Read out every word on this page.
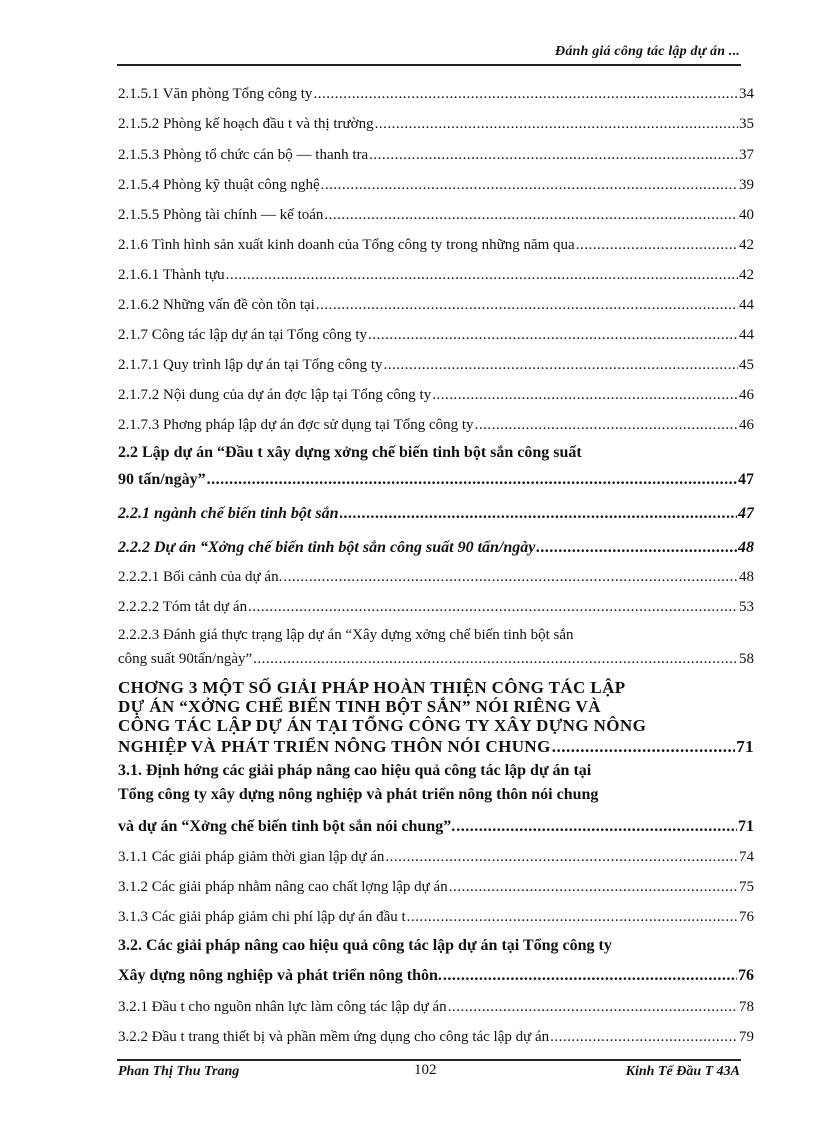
Đánh giá công tác lập dự án ...
2.1.5.1 Văn phòng Tổng công ty .....	34
2.1.5.2 Phòng kế hoạch đầu t và thị trường .....	35
2.1.5.3 Phòng tổ chức cán bộ — thanh tra .....	37
2.1.5.4 Phòng kỹ thuật công nghệ .....	39
2.1.5.5 Phòng tài chính — kế toán .....	40
2.1.6 Tình hình sản xuất kinh doanh của Tổng công ty trong những năm qua .....	42
2.1.6.1 Thành tựu .....	42
2.1.6.2 Những vấn đề còn tồn tại .....	44
2.1.7 Công tác lập dự án tại Tổng công ty .....	44
2.1.7.1 Quy trình lập dự án tại Tổng công ty .....	45
2.1.7.2 Nội dung của dự án đợc lập tại Tổng công ty .....	46
2.1.7.3 Phơng pháp lập dự án đợc sử dụng tại Tổng công ty .....	46
2.2 Lập dự án “Đầu t xây dựng xởng chế biến tinh bột sắn công suất
90 tấn/ngày” .....	47
2.2.1 ngành chế biến tinh bột sắn .....	47
2.2.2 Dự án “Xởng chế biến tinh bột sắn công suất 90 tấn/ngày .....	48
2.2.2.1 Bối cảnh của dự án. .....	48
2.2.2.2 Tóm tắt dự án .....	53
2.2.2.3 Đánh giá thực trạng lập dự án “Xây dựng xởng chế biến tinh bột sắn
công suất 90tấn/ngày” .....	58
CHƠNG 3 MỘT SỐ GIẢI PHÁP HOÀN THIỆN CÔNG TÁC LẬP
DỰ ÁN “XỞNG CHẾ BIẾN TINH BỘT SẮN” NÓI RIÊNG VÀ
CÔNG TÁC LẬP DỰ ÁN TẠI TỔNG CÔNG TY XÂY DỰNG NÔNG
NGHIỆP VÀ PHÁT TRIỂN NÔNG THÔN NÓI CHUNG .....	71
3.1. Định hớng các giải pháp nâng cao hiệu quả công tác lập dự án tại
Tổng công ty xây dựng nông nghiệp và phát triển nông thôn nói chung
và dự án “Xởng chế biến tinh bột sắn nói chung”. .....	71
3.1.1 Các giải pháp giảm thời gian lập dự án .....	74
3.1.2 Các giải pháp nhằm nâng cao chất lợng lập dự án .....	75
3.1.3 Các giải pháp giảm chi phí lập dự án đầu t .....	76
3.2. Các giải pháp nâng cao hiệu quả công tác lập dự án tại Tổng công ty
Xây dựng nông nghiệp và phát triển nông thôn. .....	76
3.2.1 Đầu t cho nguồn nhân lực làm công tác lập dự án .....	78
3.2.2 Đầu t trang thiết bị và phần mềm ứng dụng cho công tác lập dự án .....	79
Phan Thị Thu Trang	102	Kinh Tế Đầu T 43A
